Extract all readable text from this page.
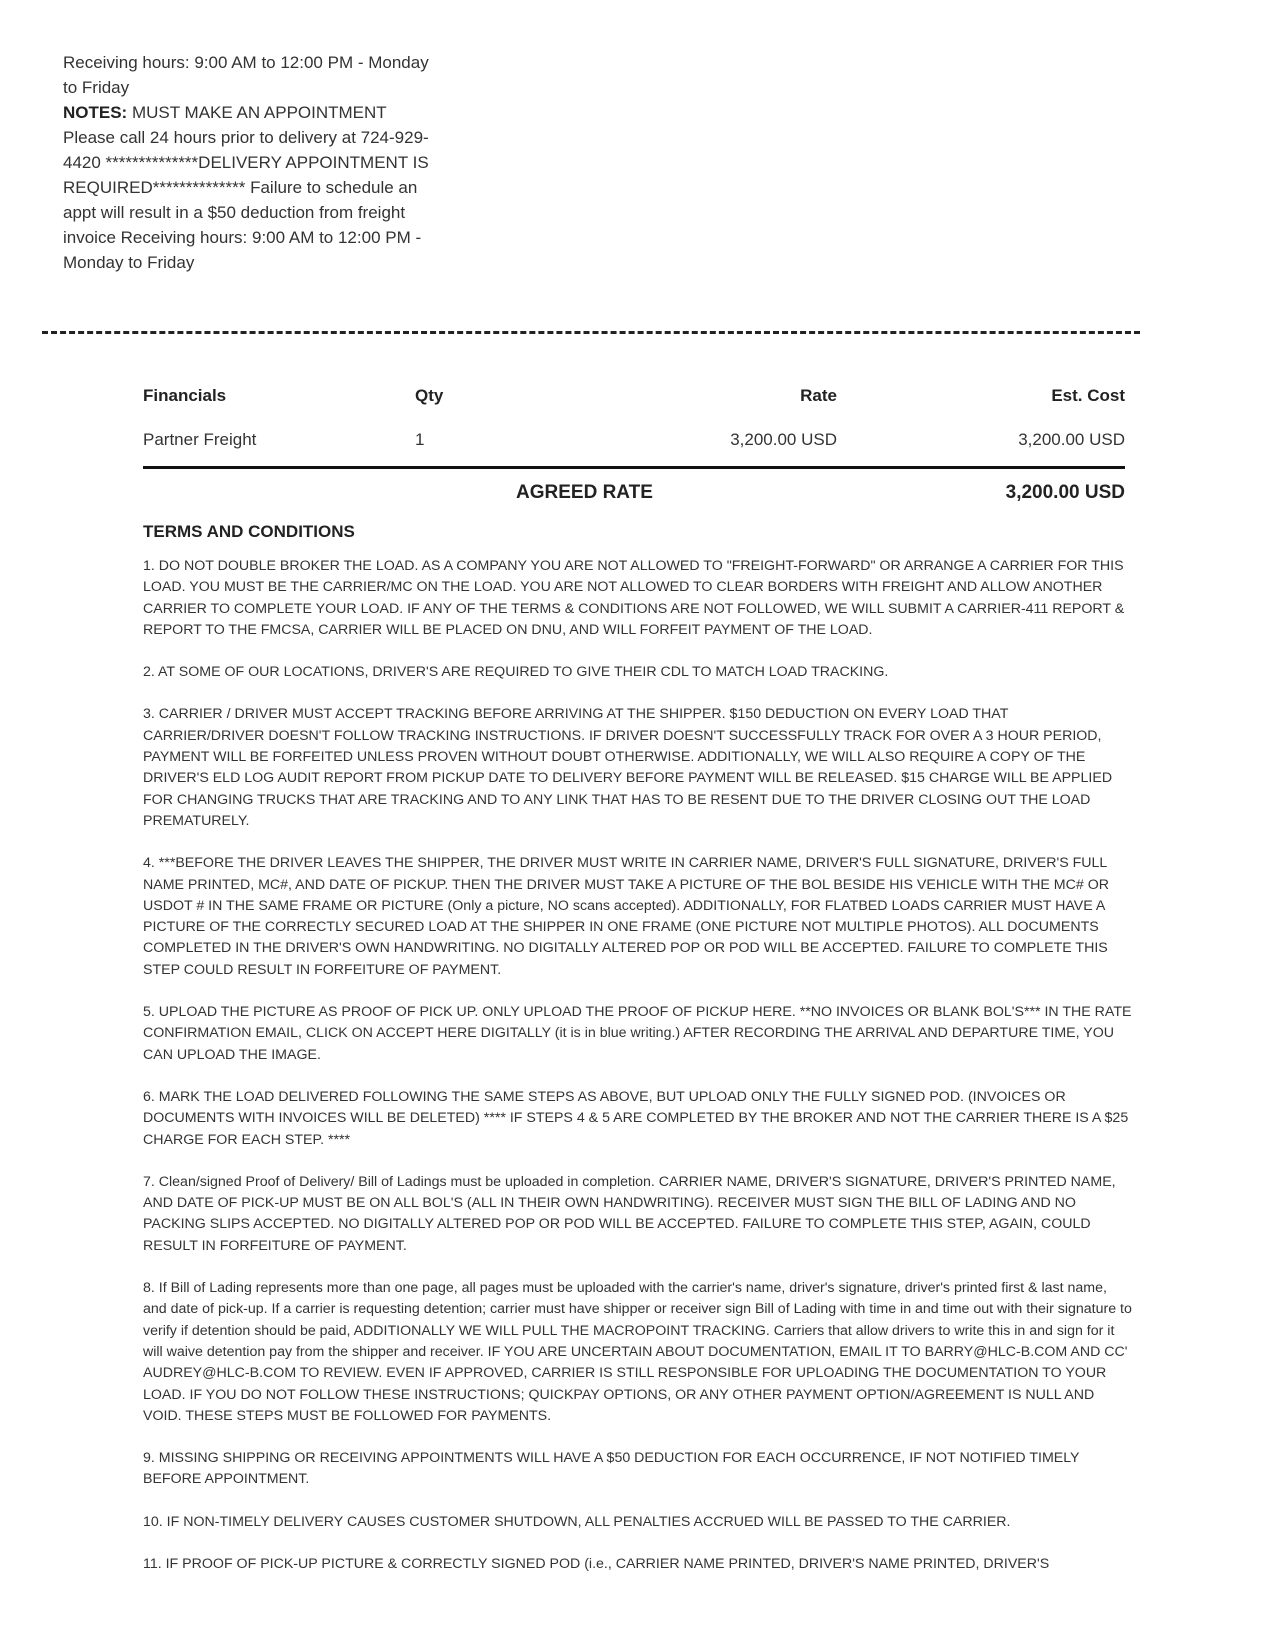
Receiving hours: 9:00 AM to 12:00 PM - Monday to Friday
NOTES: MUST MAKE AN APPOINTMENT Please call 24 hours prior to delivery at 724-929-4420 **************DELIVERY APPOINTMENT IS REQUIRED************** Failure to schedule an appt will result in a $50 deduction from freight invoice Receiving hours: 9:00 AM to 12:00 PM - Monday to Friday
Financials	Qty	Rate	Est. Cost
Partner Freight	1	3,200.00 USD	3,200.00 USD
AGREED RATE	3,200.00 USD
TERMS AND CONDITIONS

1. DO NOT DOUBLE BROKER THE LOAD. AS A COMPANY YOU ARE NOT ALLOWED TO "FREIGHT-FORWARD" OR ARRANGE A CARRIER FOR THIS LOAD. YOU MUST BE THE CARRIER/MC ON THE LOAD. YOU ARE NOT ALLOWED TO CLEAR BORDERS WITH FREIGHT AND ALLOW ANOTHER CARRIER TO COMPLETE YOUR LOAD. IF ANY OF THE TERMS & CONDITIONS ARE NOT FOLLOWED, WE WILL SUBMIT A CARRIER-411 REPORT & REPORT TO THE FMCSA, CARRIER WILL BE PLACED ON DNU, AND WILL FORFEIT PAYMENT OF THE LOAD.

2. AT SOME OF OUR LOCATIONS, DRIVER'S ARE REQUIRED TO GIVE THEIR CDL TO MATCH LOAD TRACKING.

3. CARRIER / DRIVER MUST ACCEPT TRACKING BEFORE ARRIVING AT THE SHIPPER. $150 DEDUCTION ON EVERY LOAD THAT CARRIER/DRIVER DOESN'T FOLLOW TRACKING INSTRUCTIONS. IF DRIVER DOESN'T SUCCESSFULLY TRACK FOR OVER A 3 HOUR PERIOD, PAYMENT WILL BE FORFEITED UNLESS PROVEN WITHOUT DOUBT OTHERWISE. ADDITIONALLY, WE WILL ALSO REQUIRE A COPY OF THE DRIVER'S ELD LOG AUDIT REPORT FROM PICKUP DATE TO DELIVERY BEFORE PAYMENT WILL BE RELEASED. $15 CHARGE WILL BE APPLIED FOR CHANGING TRUCKS THAT ARE TRACKING AND TO ANY LINK THAT HAS TO BE RESENT DUE TO THE DRIVER CLOSING OUT THE LOAD PREMATURELY.

4. ***BEFORE THE DRIVER LEAVES THE SHIPPER, THE DRIVER MUST WRITE IN CARRIER NAME, DRIVER'S FULL SIGNATURE, DRIVER'S FULL NAME PRINTED, MC#, AND DATE OF PICKUP. THEN THE DRIVER MUST TAKE A PICTURE OF THE BOL BESIDE HIS VEHICLE WITH THE MC# OR USDOT # IN THE SAME FRAME OR PICTURE (Only a picture, NO scans accepted). ADDITIONALLY, FOR FLATBED LOADS CARRIER MUST HAVE A PICTURE OF THE CORRECTLY SECURED LOAD AT THE SHIPPER IN ONE FRAME (ONE PICTURE NOT MULTIPLE PHOTOS). ALL DOCUMENTS COMPLETED IN THE DRIVER'S OWN HANDWRITING. NO DIGITALLY ALTERED POP OR POD WILL BE ACCEPTED. FAILURE TO COMPLETE THIS STEP COULD RESULT IN FORFEITURE OF PAYMENT.

5. UPLOAD THE PICTURE AS PROOF OF PICK UP. ONLY UPLOAD THE PROOF OF PICKUP HERE. **NO INVOICES OR BLANK BOL'S*** IN THE RATE CONFIRMATION EMAIL, CLICK ON ACCEPT HERE DIGITALLY (it is in blue writing.) AFTER RECORDING THE ARRIVAL AND DEPARTURE TIME, YOU CAN UPLOAD THE IMAGE.

6. MARK THE LOAD DELIVERED FOLLOWING THE SAME STEPS AS ABOVE, BUT UPLOAD ONLY THE FULLY SIGNED POD. (INVOICES OR DOCUMENTS WITH INVOICES WILL BE DELETED) **** IF STEPS 4 & 5 ARE COMPLETED BY THE BROKER AND NOT THE CARRIER THERE IS A $25 CHARGE FOR EACH STEP. ****

7. Clean/signed Proof of Delivery/ Bill of Ladings must be uploaded in completion. CARRIER NAME, DRIVER'S SIGNATURE, DRIVER'S PRINTED NAME, AND DATE OF PICK-UP MUST BE ON ALL BOL'S (ALL IN THEIR OWN HANDWRITING). RECEIVER MUST SIGN THE BILL OF LADING AND NO PACKING SLIPS ACCEPTED. NO DIGITALLY ALTERED POP OR POD WILL BE ACCEPTED. FAILURE TO COMPLETE THIS STEP, AGAIN, COULD RESULT IN FORFEITURE OF PAYMENT.

8. If Bill of Lading represents more than one page, all pages must be uploaded with the carrier's name, driver's signature, driver's printed first & last name, and date of pick-up. If a carrier is requesting detention; carrier must have shipper or receiver sign Bill of Lading with time in and time out with their signature to verify if detention should be paid, ADDITIONALLY WE WILL PULL THE MACROPOINT TRACKING. Carriers that allow drivers to write this in and sign for it will waive detention pay from the shipper and receiver. IF YOU ARE UNCERTAIN ABOUT DOCUMENTATION, EMAIL IT TO BARRY@HLC-B.COM AND CC' AUDREY@HLC-B.COM TO REVIEW. EVEN IF APPROVED, CARRIER IS STILL RESPONSIBLE FOR UPLOADING THE DOCUMENTATION TO YOUR LOAD. IF YOU DO NOT FOLLOW THESE INSTRUCTIONS; QUICKPAY OPTIONS, OR ANY OTHER PAYMENT OPTION/AGREEMENT IS NULL AND VOID. THESE STEPS MUST BE FOLLOWED FOR PAYMENTS.

9. MISSING SHIPPING OR RECEIVING APPOINTMENTS WILL HAVE A $50 DEDUCTION FOR EACH OCCURRENCE, IF NOT NOTIFIED TIMELY BEFORE APPOINTMENT.

10. IF NON-TIMELY DELIVERY CAUSES CUSTOMER SHUTDOWN, ALL PENALTIES ACCRUED WILL BE PASSED TO THE CARRIER.

11. IF PROOF OF PICK-UP PICTURE & CORRECTLY SIGNED POD (i.e., CARRIER NAME PRINTED, DRIVER'S NAME PRINTED, DRIVER'S
